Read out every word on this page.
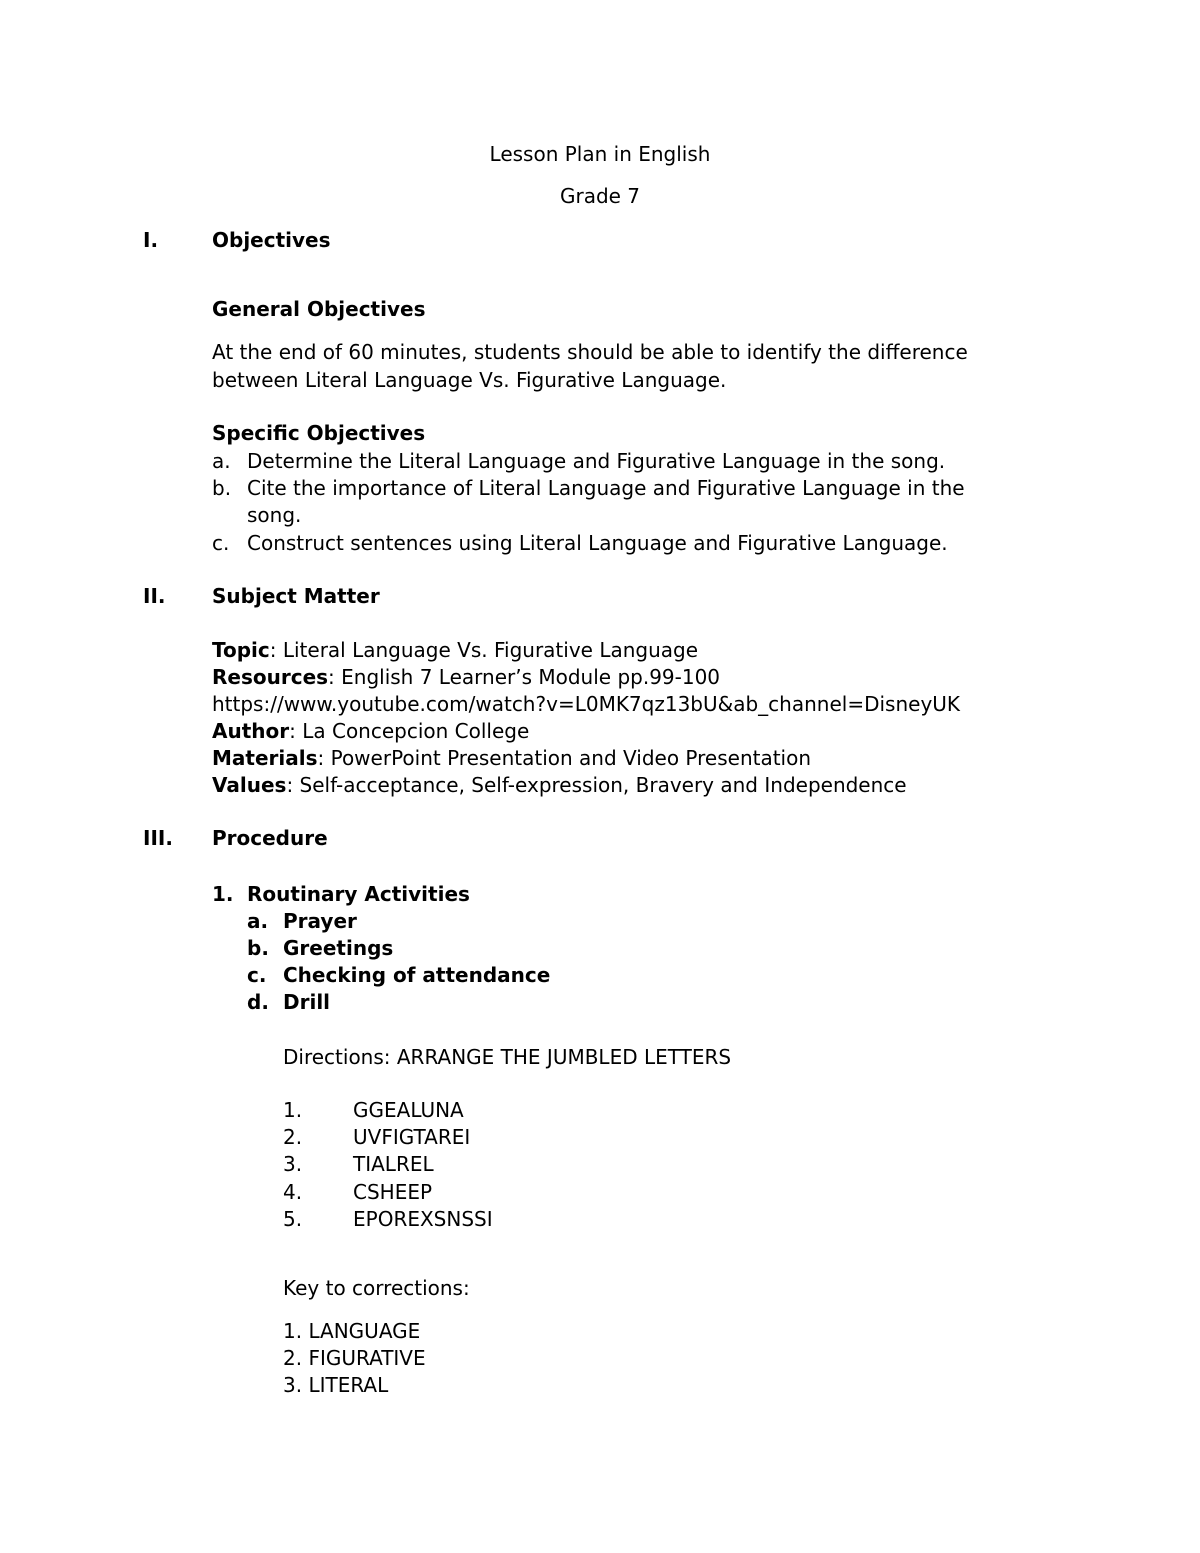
Lesson Plan in English
Grade 7
I.	Objectives
General Objectives
At the end of 60 minutes, students should be able to identify the difference
between Literal Language Vs. Figurative Language.
Specific Objectives
a. Determine the Literal Language and Figurative Language in the song.
b. Cite the importance of Literal Language and Figurative Language in the
song.
c. Construct sentences using Literal Language and Figurative Language.
II. Subject Matter
Topic: Literal Language Vs. Figurative Language
Resources: English 7 Learner’s Module pp.99-100
https://www.youtube.com/watch?v=L0MK7qz13bU&ab_channel=DisneyUK
Author: La Concepcion College
Materials: PowerPoint Presentation and Video Presentation
Values: Self-acceptance, Self-expression, Bravery and Independence
III. Procedure
1. Routinary Activities
a. Prayer
b. Greetings
c. Checking of attendance
d. Drill
Directions: ARRANGE THE JUMBLED LETTERS
1.	GGEALUNA
2.	UVFIGTAREI
3.	TIALREL
4.	CSHEEP
5.	EPOREXSNSSI
Key to corrections:
1. LANGUAGE
2. FIGURATIVE
3. LITERAL
